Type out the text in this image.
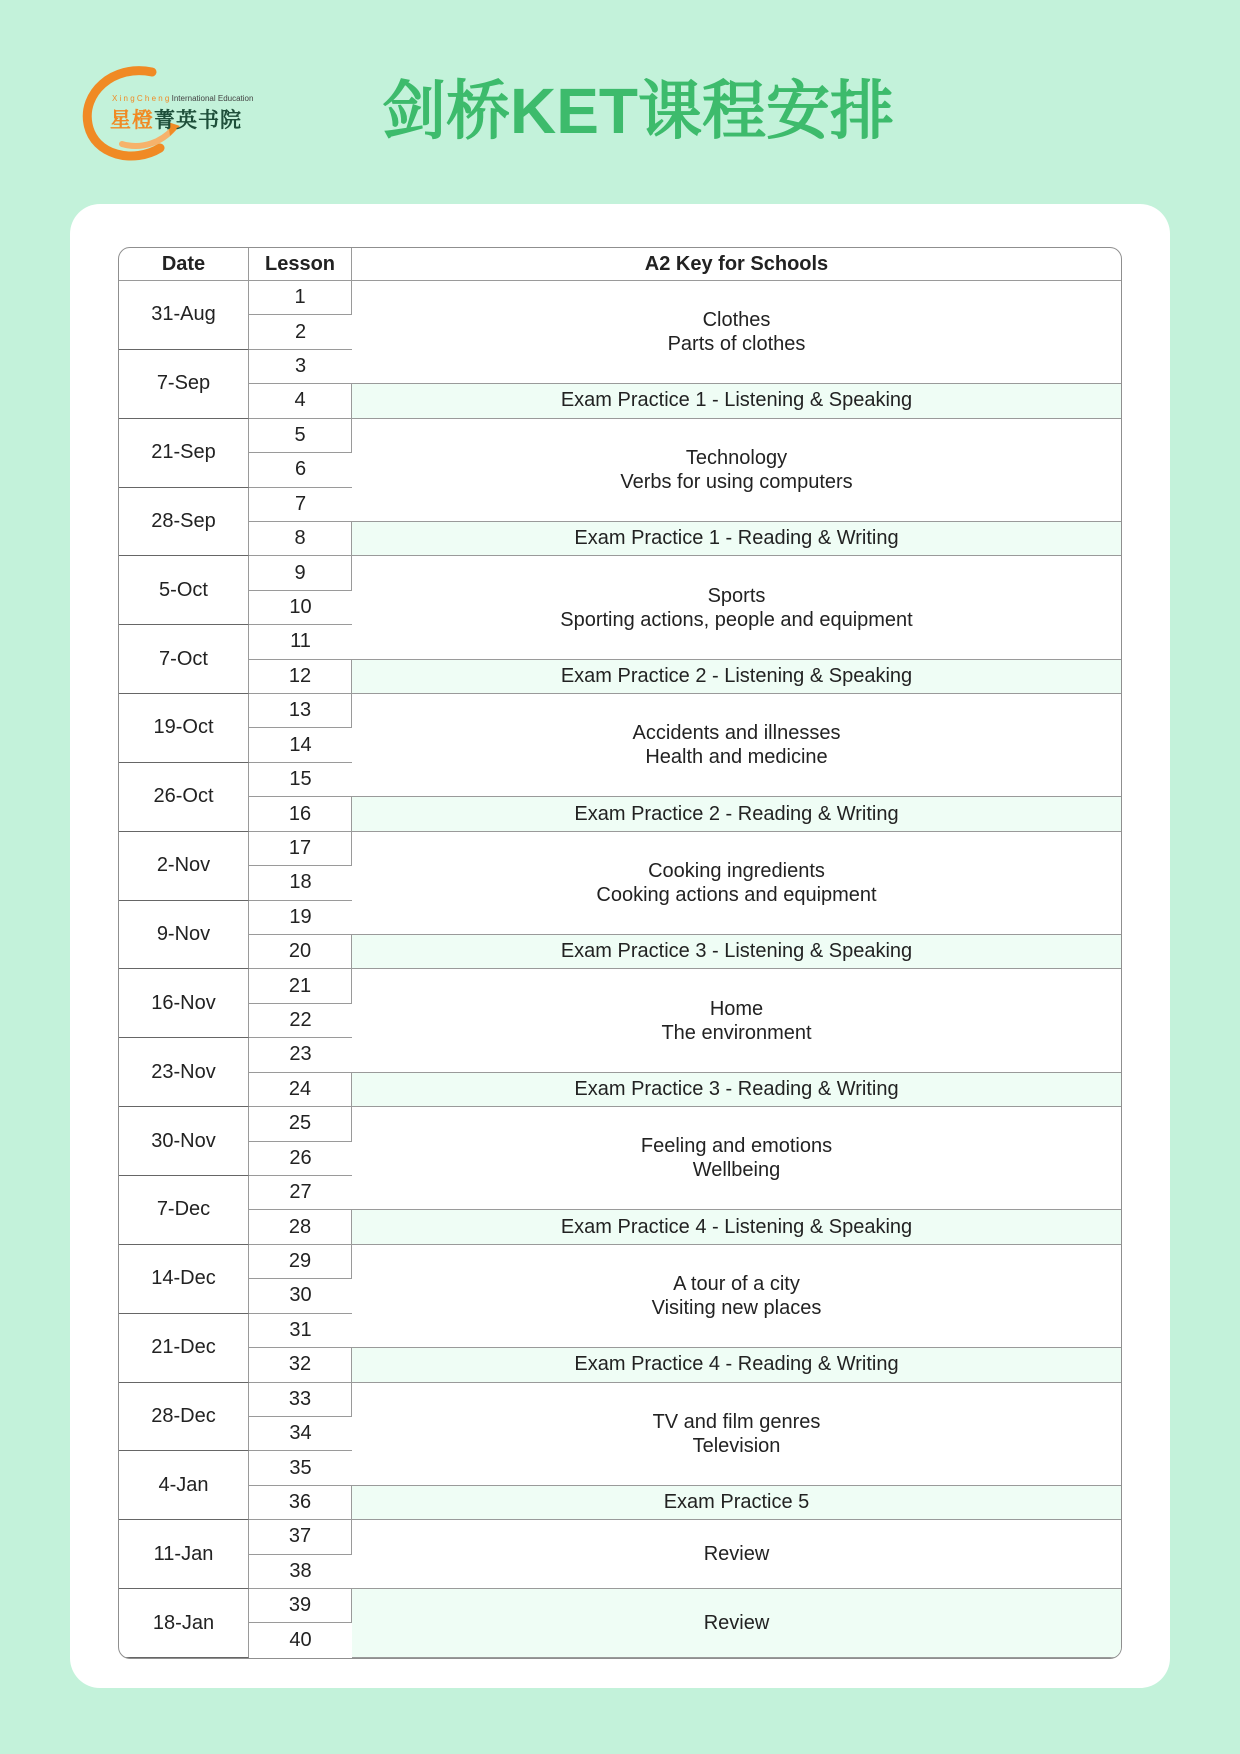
X i n g C h e n g International Education
星橙菁英书院 剑桥KET课程安排
Date	Lesson	A2 Key for Schools
31-Aug	1	Clothes
Parts of clothes
	2	
7-Sep	3	
	4	Exam Practice 1 - Listening & Speaking
21-Sep	5	Technology
Verbs for using computers
	6	
28-Sep	7	
	8	Exam Practice 1 - Reading & Writing
5-Oct	9	Sports
Sporting actions, people and equipment
	10	
7-Oct	11	
	12	Exam Practice 2 - Listening & Speaking
19-Oct	13	Accidents and illnesses
Health and medicine
	14	
26-Oct	15	
	16	Exam Practice 2 - Reading & Writing
2-Nov	17	Cooking ingredients
Cooking actions and equipment
	18	
9-Nov	19	
	20	Exam Practice 3 - Listening & Speaking
16-Nov	21	Home
The environment
	22	
23-Nov	23	
	24	Exam Practice 3 - Reading & Writing
30-Nov	25	Feeling and emotions
Wellbeing
	26	
7-Dec	27	
	28	Exam Practice 4 - Listening & Speaking
14-Dec	29	A tour of a city
Visiting new places
	30	
21-Dec	31	
	32	Exam Practice 4 - Reading & Writing
28-Dec	33	TV and film genres
Television
	34	
4-Jan	35	
	36	Exam Practice 5
11-Jan	37	Review
	38	
18-Jan	39	Review
	40	
